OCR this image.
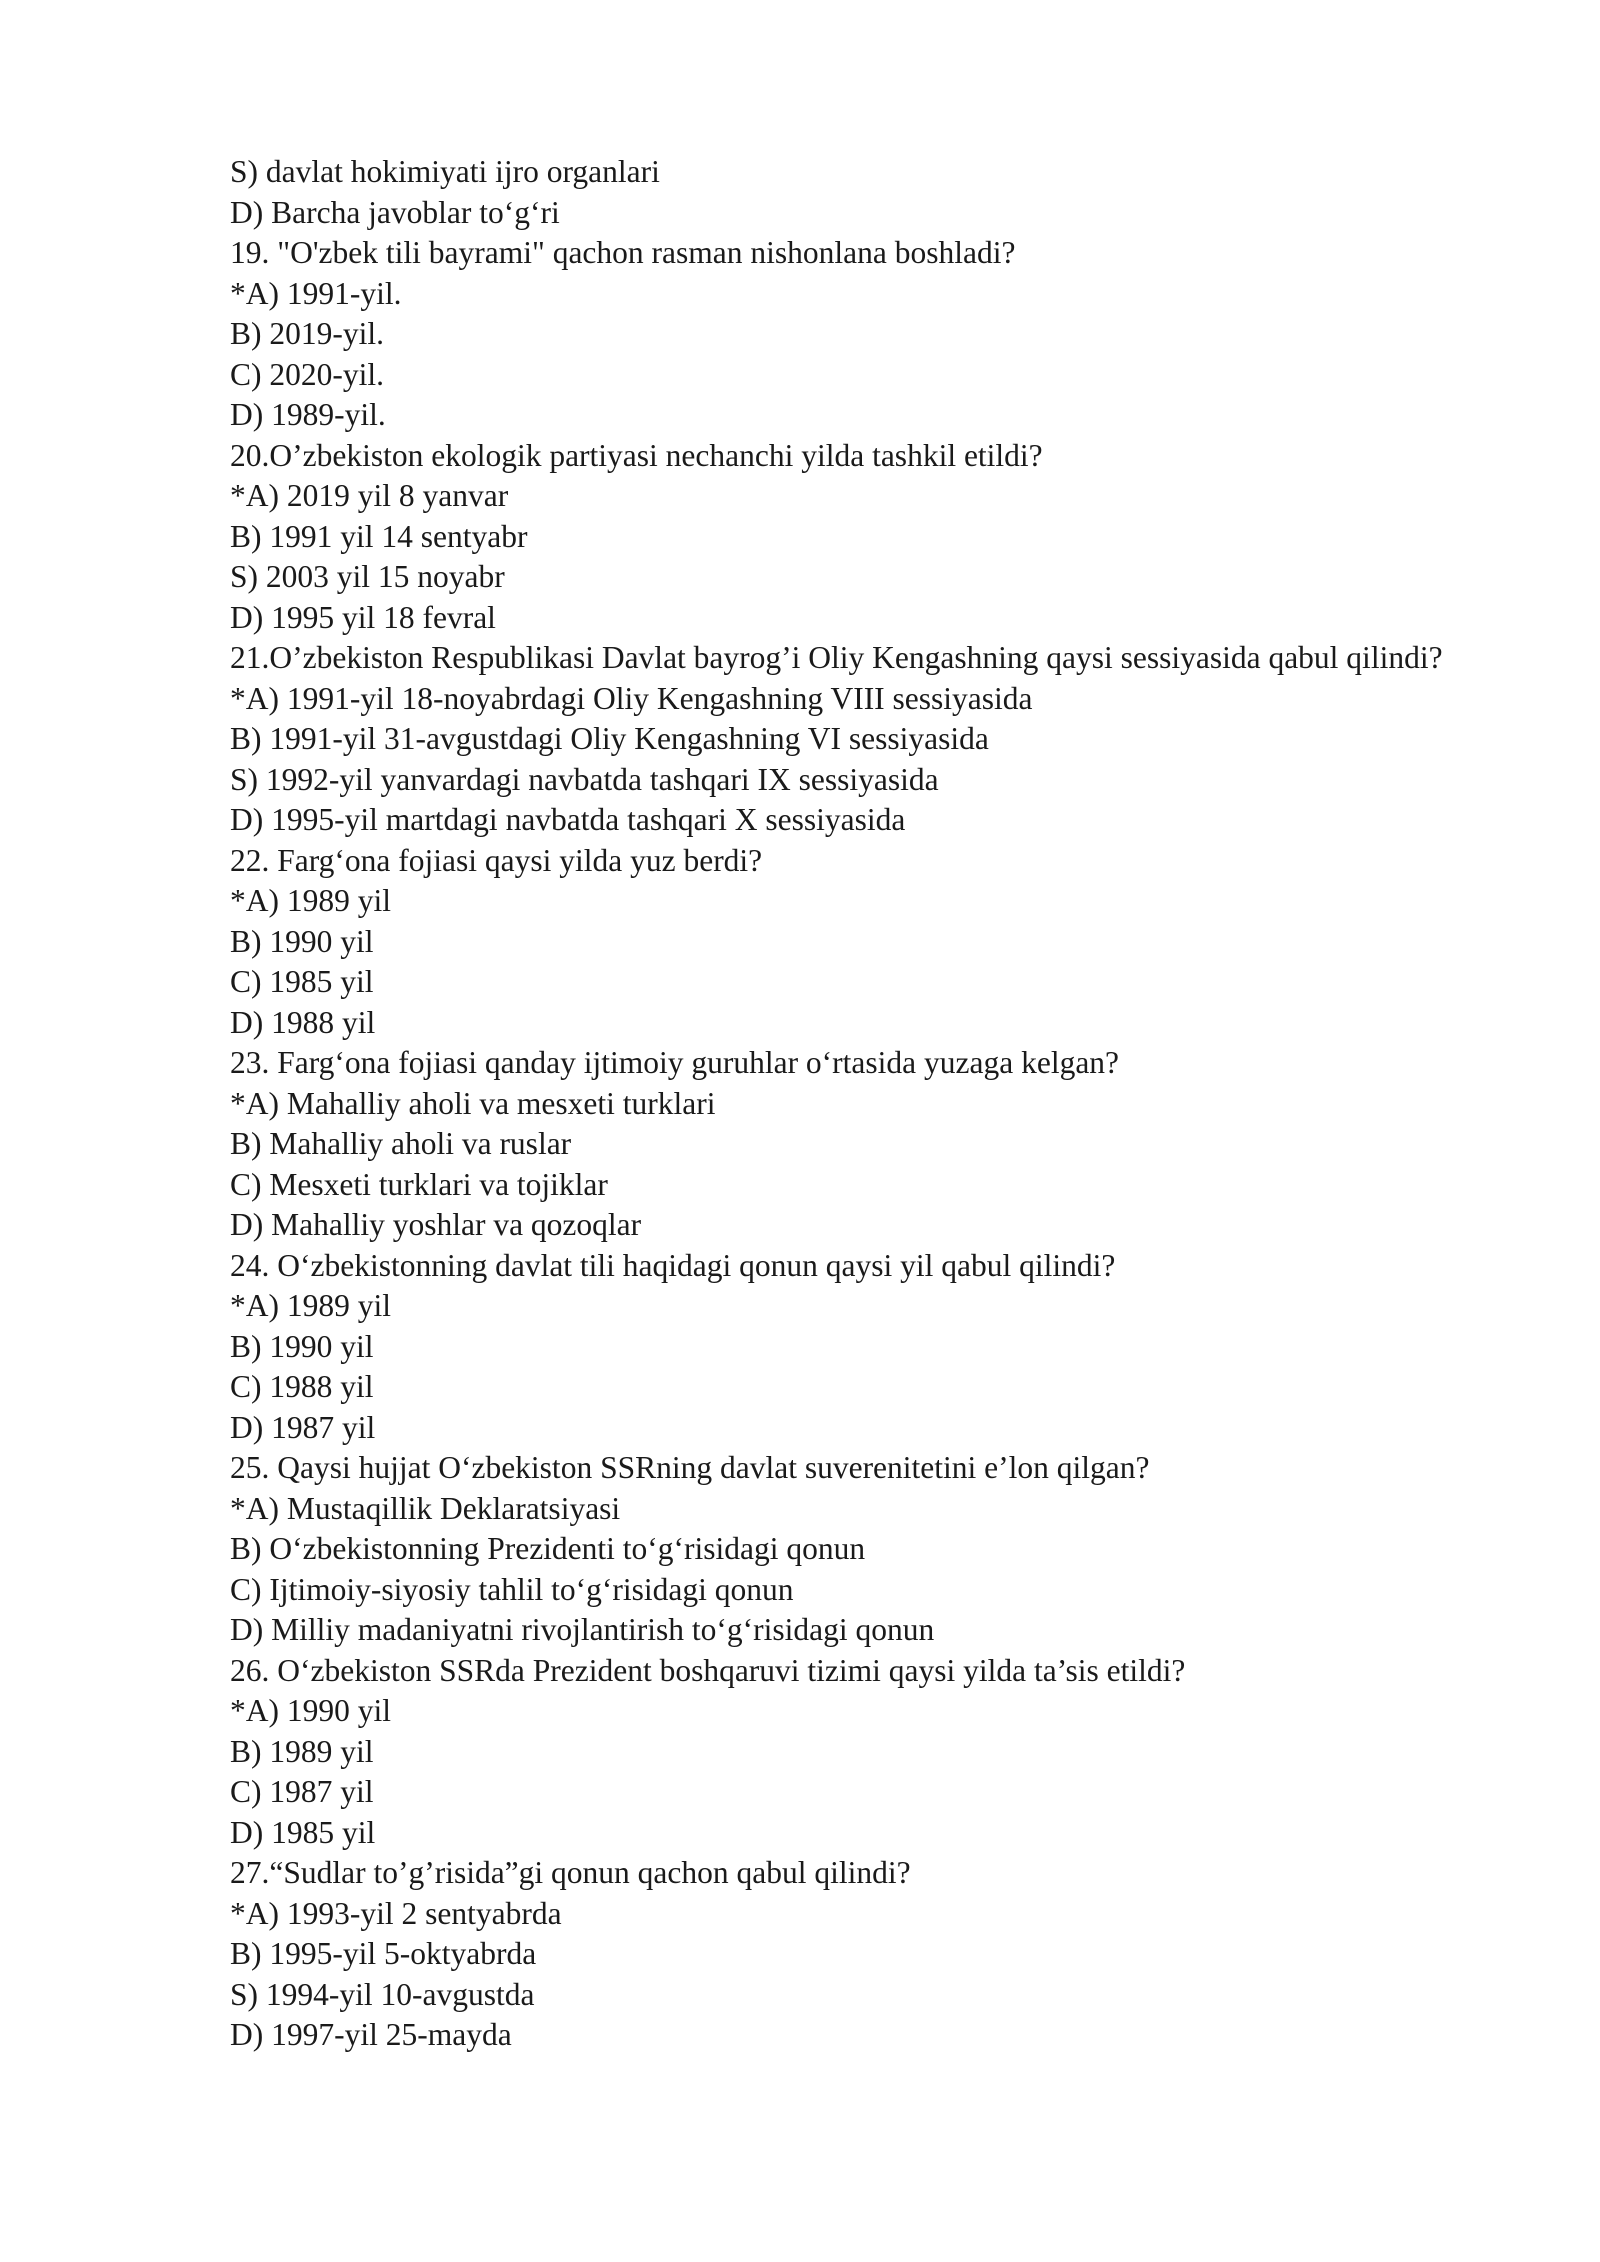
S) davlat hokimiyati ijro organlari
D) Barcha javoblar to‘g‘ri
19. "O'zbek tili bayrami" qachon rasman nishonlana boshladi?
*A) 1991-yil.
B) 2019-yil.
C) 2020-yil.
D) 1989-yil.
20.O’zbekiston ekologik partiyasi nechanchi yilda tashkil etildi?
*A) 2019 yil 8 yanvar
B) 1991 yil 14 sentyabr
S) 2003 yil 15 noyabr
D) 1995 yil 18 fevral
21.O’zbekiston Respublikasi Davlat bayrog’i Oliy Kengashning qaysi sessiyasida qabul qilindi?
*A) 1991-yil 18-noyabrdagi Oliy Kengashning VIII sessiyasida
B) 1991-yil 31-avgustdagi Oliy Kengashning VI sessiyasida
S) 1992-yil yanvardagi navbatda tashqari IX sessiyasida
D) 1995-yil martdagi navbatda tashqari X sessiyasida
22. Farg‘ona fojiasi qaysi yilda yuz berdi?
*A) 1989 yil
B) 1990 yil
C) 1985 yil
D) 1988 yil
23. Farg‘ona fojiasi qanday ijtimoiy guruhlar o‘rtasida yuzaga kelgan?
*A) Mahalliy aholi va mesxeti turklari
B) Mahalliy aholi va ruslar
C) Mesxeti turklari va tojiklar
D) Mahalliy yoshlar va qozoqlar
24. O‘zbekistonning davlat tili haqidagi qonun qaysi yil qabul qilindi?
*A) 1989 yil
B) 1990 yil
C) 1988 yil
D) 1987 yil
25. Qaysi hujjat O‘zbekiston SSRning davlat suverenitetini e’lon qilgan?
*A) Mustaqillik Deklaratsiyasi
B) O‘zbekistonning Prezidenti to‘g‘risidagi qonun
C) Ijtimoiy-siyosiy tahlil to‘g‘risidagi qonun
D) Milliy madaniyatni rivojlantirish to‘g‘risidagi qonun
26. O‘zbekiston SSRda Prezident boshqaruvi tizimi qaysi yilda ta’sis etildi?
*A) 1990 yil
B) 1989 yil
C) 1987 yil
D) 1985 yil
27.“Sudlar to’g’risida”gi qonun qachon qabul qilindi?
*A) 1993-yil 2 sentyabrda
B) 1995-yil 5-oktyabrda
S) 1994-yil 10-avgustda
D) 1997-yil 25-mayda
